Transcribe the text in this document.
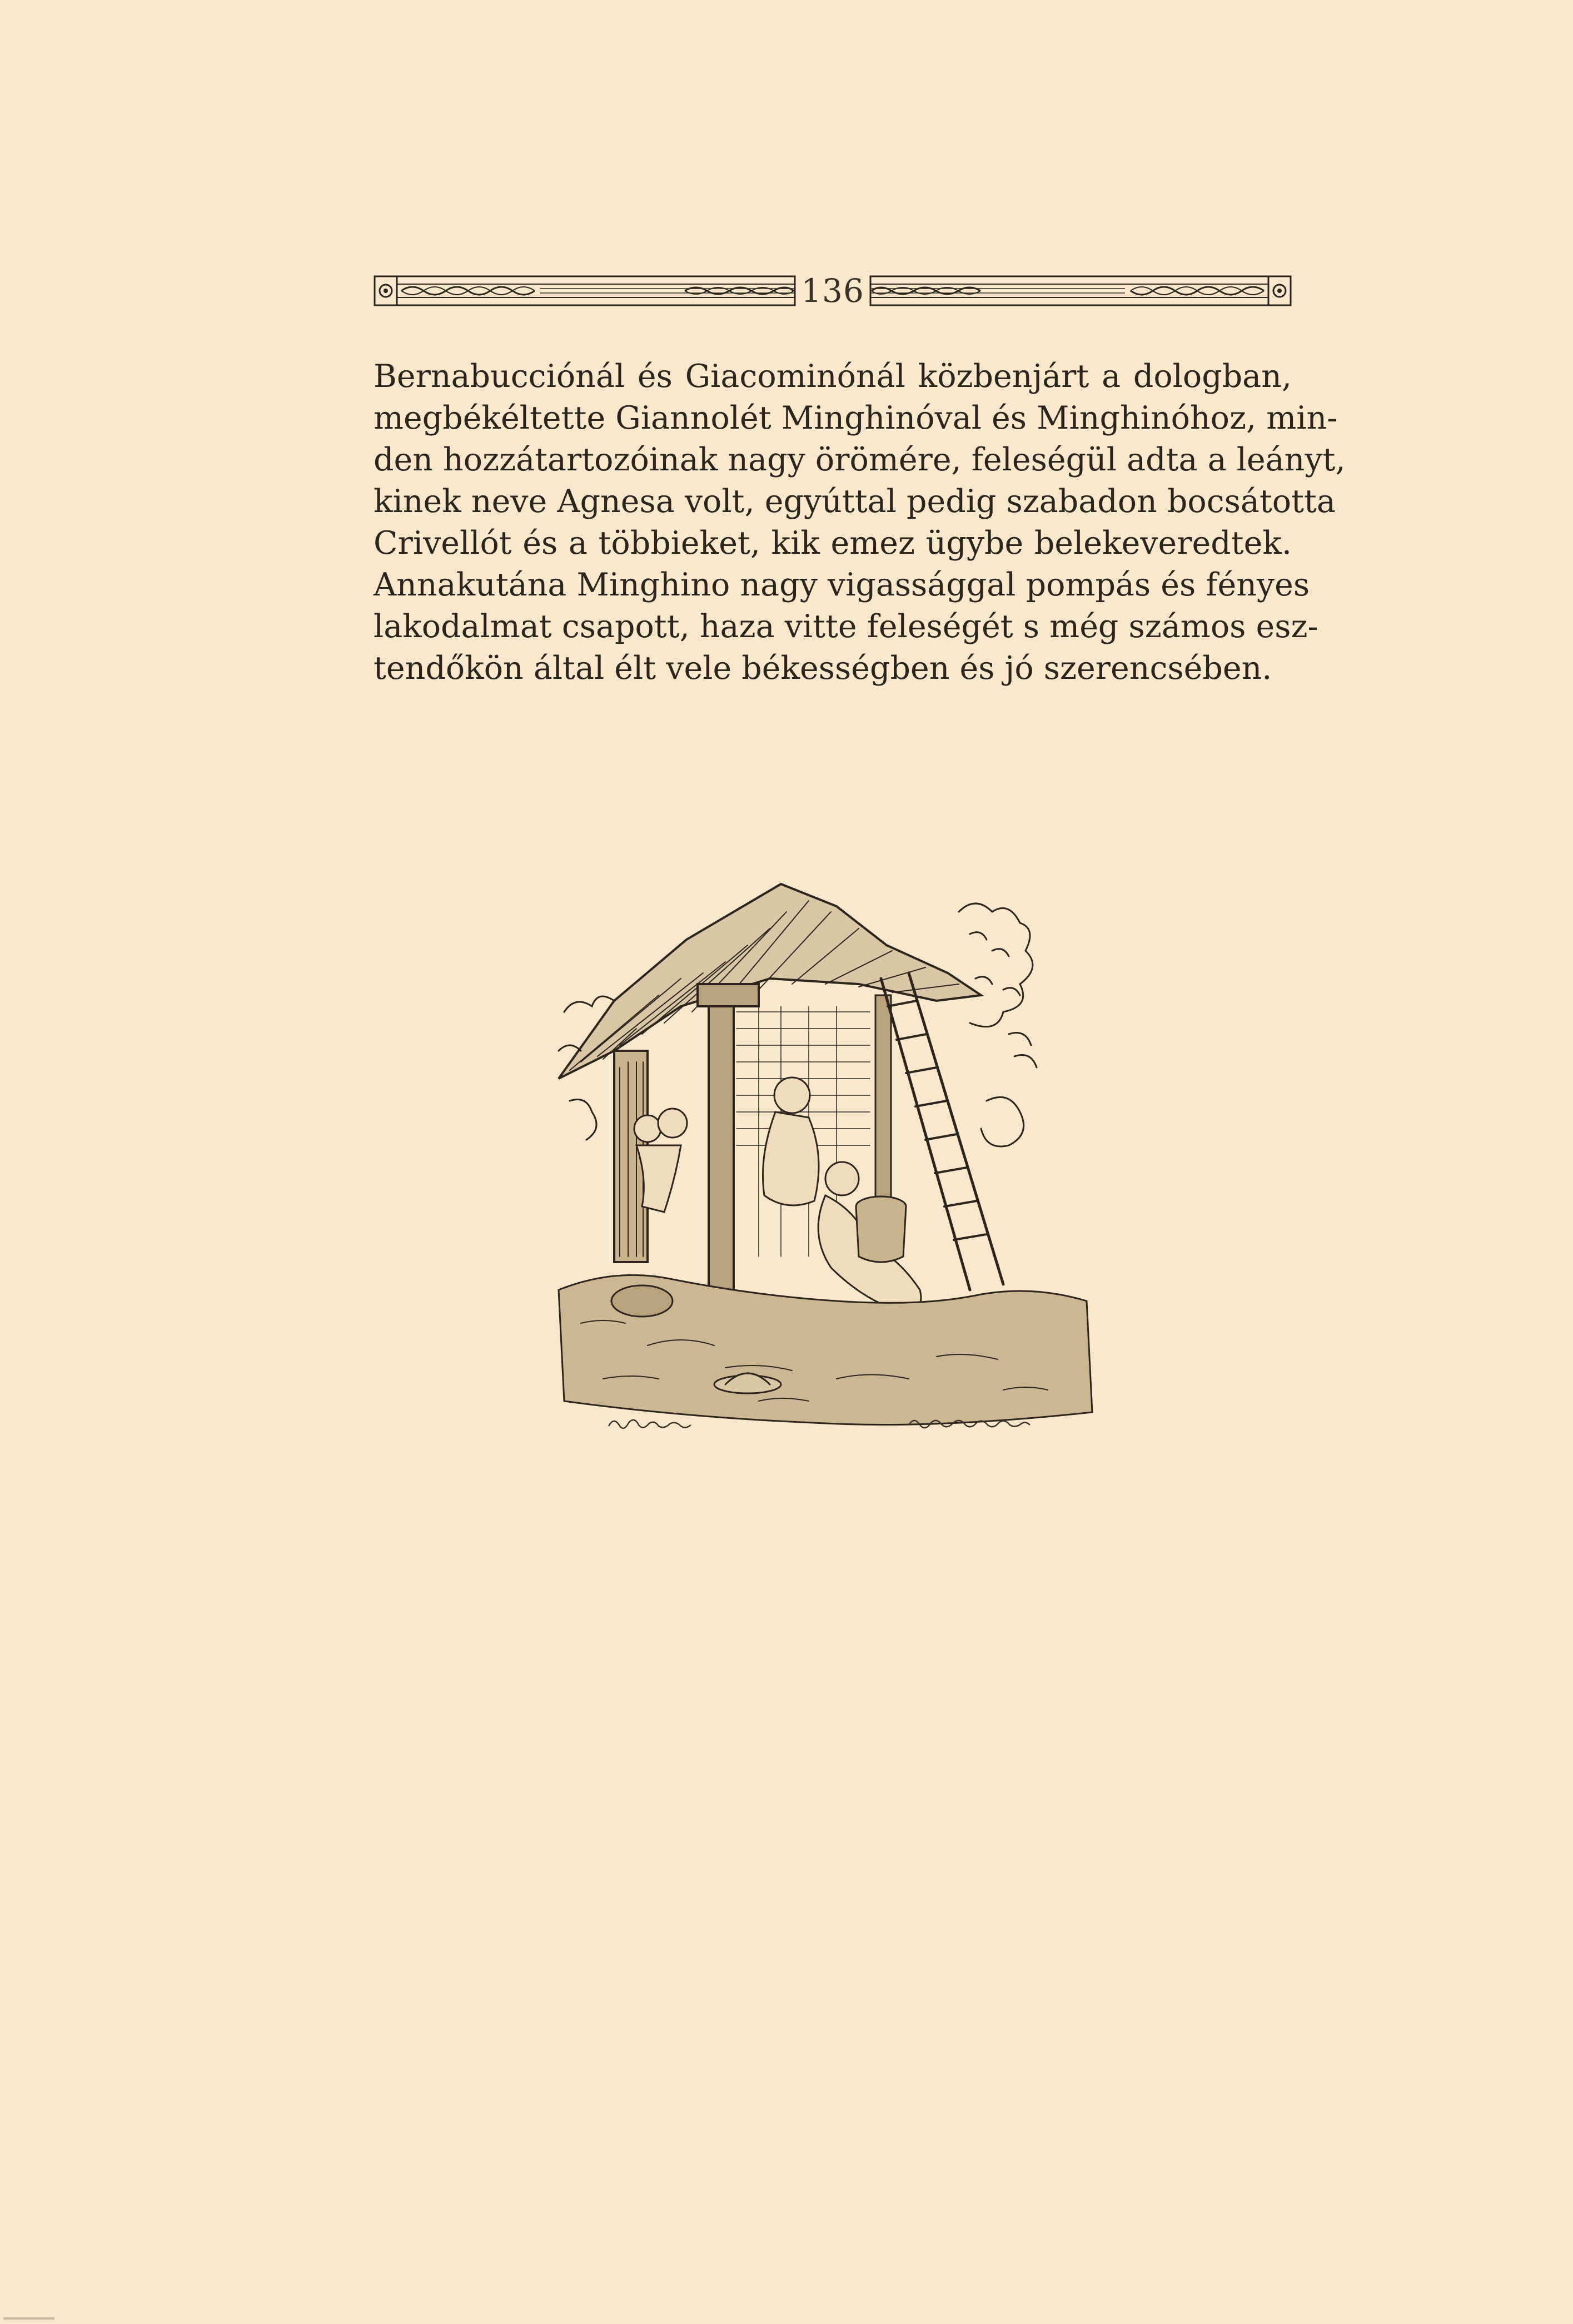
136
Bernabucciónál és Giacominónál közbenjárt a dologban,
megbékéltette Giannolét Minghinóval és Minghinóhoz, min-
den hozzátartozóinak nagy örömére, feleségül adta a leányt,
kinek neve Agnesa volt, egyúttal pedig szabadon bocsátotta
Crivellót és a többieket, kik emez ügybe belekeveredtek.
Annakutána Minghino nagy vigassággal pompás és fényes
lakodalmat csapott, haza vitte feleségét s még számos esz-
tendőkön által élt vele békességben és jó szerencsében.
